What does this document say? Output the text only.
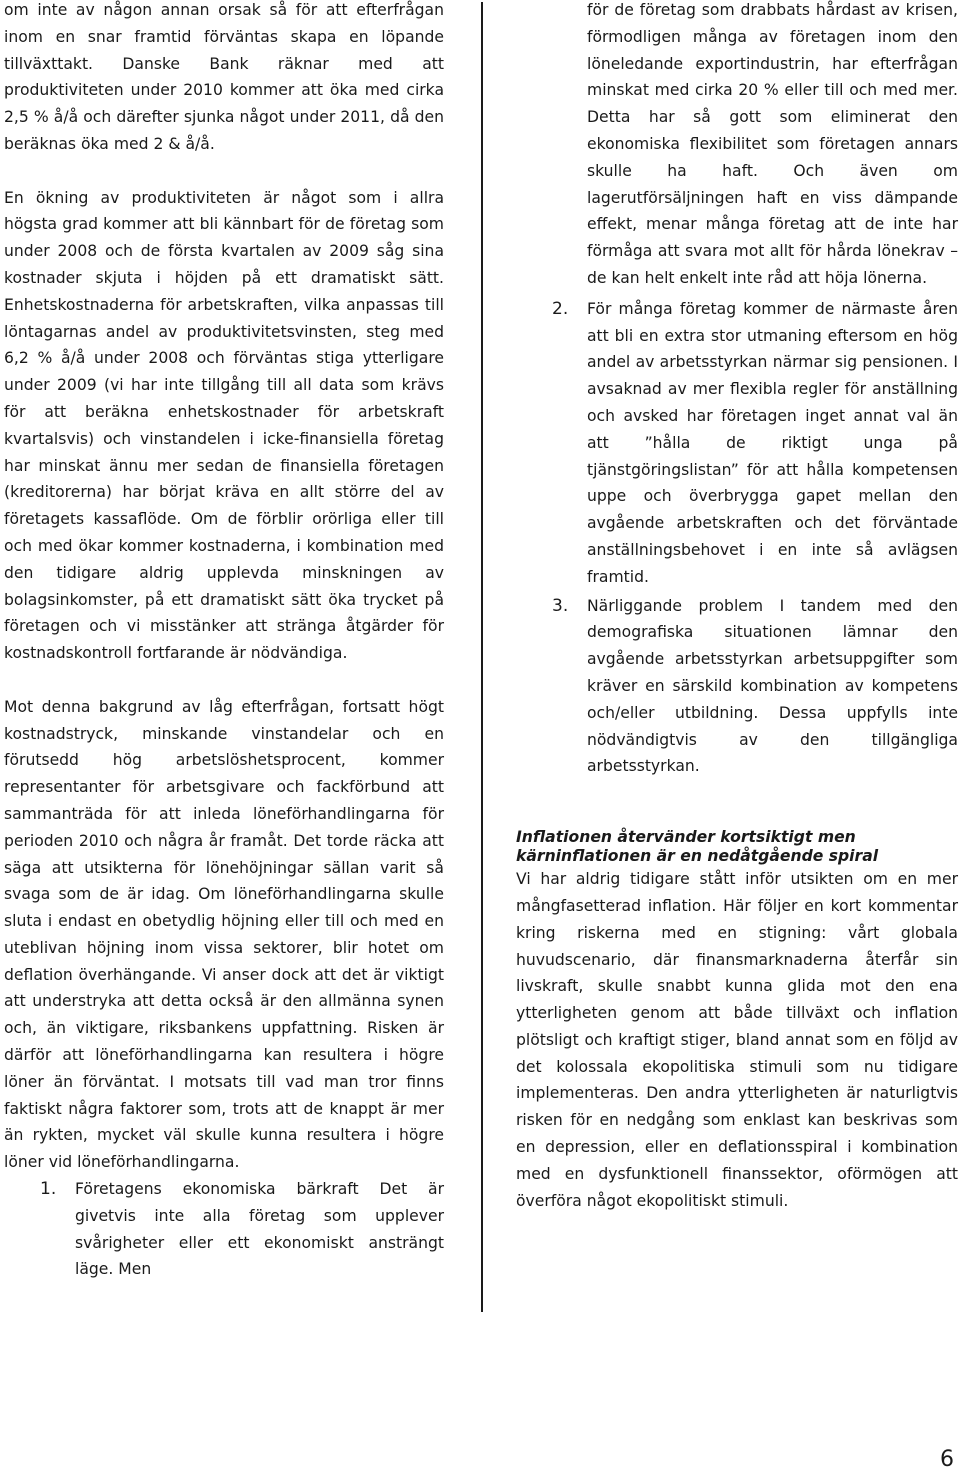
om inte av någon annan orsak så för att efterfrågan inom en snar framtid förväntas skapa en löpande tillväxttakt. Danske Bank räknar med att produktiviteten under 2010 kommer att öka med cirka 2,5 % å/å och därefter sjunka något under 2011, då den beräknas öka med 2 & å/å.

En ökning av produktiviteten är något som i allra högsta grad kommer att bli kännbart för de företag som under 2008 och de första kvartalen av 2009 såg sina kostnader skjuta i höjden på ett dramatiskt sätt. Enhetskostnaderna för arbetskraften, vilka anpassas till löntagarnas andel av produktivitetsvinsten, steg med 6,2 % å/å under 2008 och förväntas stiga ytterligare under 2009 (vi har inte tillgång till all data som krävs för att beräkna enhetskostnader för arbetskraft kvartalsvis) och vinstandelen i icke-finansiella företag har minskat ännu mer sedan de finansiella företagen (kreditorerna) har börjat kräva en allt större del av företagets kassaflöde. Om de förblir orörliga eller till och med ökar kommer kostnaderna, i kombination med den tidigare aldrig upplevda minskningen av bolagsinkomster, på ett dramatiskt sätt öka trycket på företagen och vi misstänker att stränga åtgärder för kostnadskontroll fortfarande är nödvändiga.

Mot denna bakgrund av låg efterfrågan, fortsatt högt kostnadstryck, minskande vinstandelar och en förutsedd hög arbetslöshetsprocent, kommer representanter för arbetsgivare och fackförbund att sammanträda för att inleda löneförhandlingarna för perioden 2010 och några år framåt. Det torde räcka att säga att utsikterna för lönehöjningar sällan varit så svaga som de är idag. Om löneförhandlingarna skulle sluta i endast en obetydlig höjning eller till och med en uteblivan höjning inom vissa sektorer, blir hotet om deflation överhängande. Vi anser dock att det är viktigt att understryka att detta också är den allmänna synen och, än viktigare, riksbankens uppfattning. Risken är därför att löneförhandlingarna kan resultera i högre löner än förväntat. I motsats till vad man tror finns faktiskt några faktorer som, trots att de knappt är mer än rykten, mycket väl skulle kunna resultera i högre löner vid löneförhandlingarna.

1. Företagens ekonomiska bärkraft Det är givetvis inte alla företag som upplever svårigheter eller ett ekonomiskt ansträngt läge. Men

för de företag som drabbats hårdast av krisen, förmodligen många av företagen inom den löneledande exportindustrin, har efterfrågan minskat med cirka 20 % eller till och med mer. Detta har så gott som eliminerat den ekonomiska flexibilitet som företagen annars skulle ha haft. Och även om lagerutförsäljningen haft en viss dämpande effekt, menar många företag att de inte har förmåga att svara mot allt för hårda lönekrav – de kan helt enkelt inte råd att höja lönerna.

2. För många företag kommer de närmaste åren att bli en extra stor utmaning eftersom en hög andel av arbetsstyrkan närmar sig pensionen. I avsaknad av mer flexibla regler för anställning och avsked har företagen inget annat val än att ”hålla de riktigt unga på tjänstgöringslistan” för att hålla kompetensen uppe och överbrygga gapet mellan den avgående arbetskraften och det förväntade anställningsbehovet i en inte så avlägsen framtid.
3. Närliggande problem I tandem med den demografiska situationen lämnar den avgående arbetsstyrkan arbetsuppgifter som kräver en särskild kombination av kompetens och/eller utbildning. Dessa uppfylls inte nödvändigtvis av den tillgängliga arbetsstyrkan.
Inflationen återvänder kortsiktigt men kärninflationen är en nedåtgående spiral

Vi har aldrig tidigare stått inför utsikten om en mer mångfasetterad inflation. Här följer en kort kommentar kring riskerna med en stigning: vårt globala huvudscenario, där finansmarknaderna återfår sin livskraft, skulle snabbt kunna glida mot den ena ytterligheten genom att både tillväxt och inflation plötsligt och kraftigt stiger, bland annat som en följd av det kolossala ekopolitiska stimuli som nu tidigare implementeras. Den andra ytterligheten är naturligtvis risken för en nedgång som enklast kan beskrivas som en depression, eller en deflationsspiral i kombination med en dysfunktionell finanssektor, oförmögen att överföra något ekopolitiskt stimuli.

6
